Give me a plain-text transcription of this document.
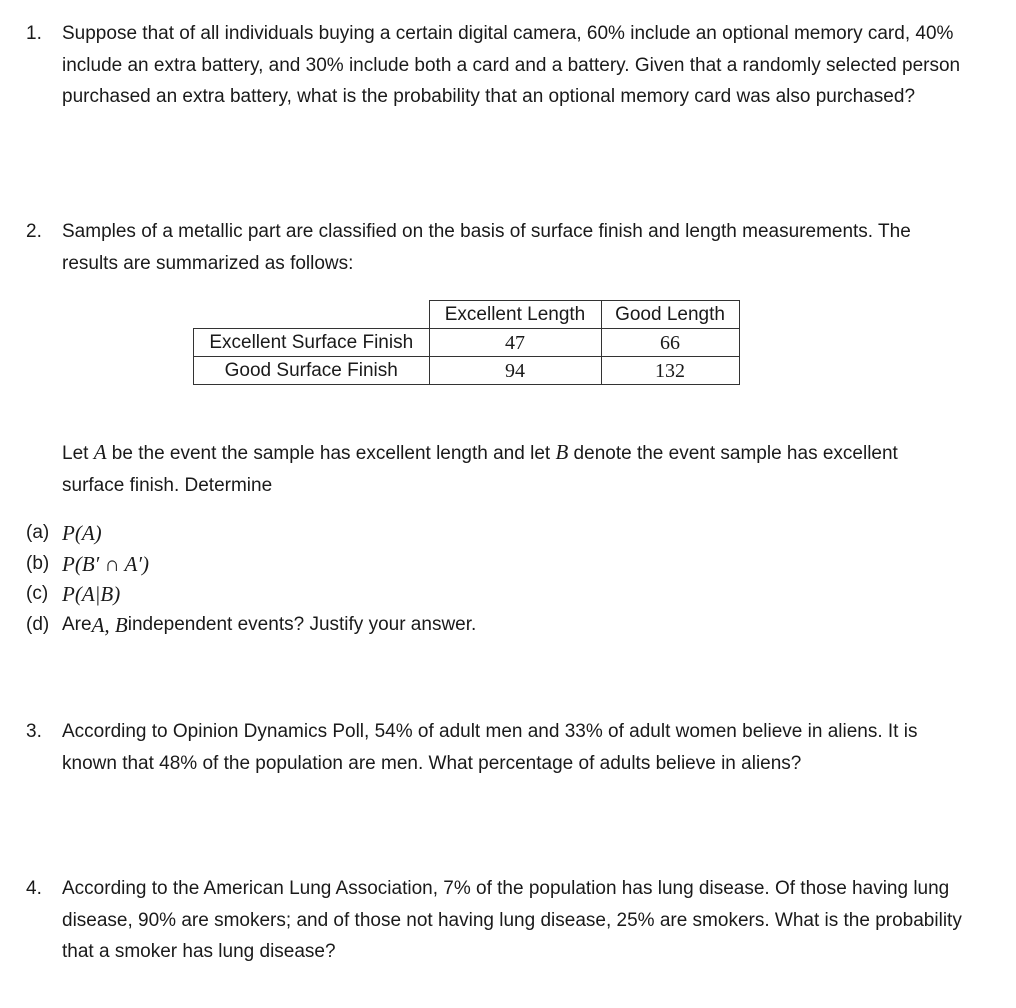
1.	Suppose that of all individuals buying a certain digital camera, 60% include an optional memory card, 40% include an extra battery, and 30% include both a card and a battery. Given that a randomly selected person purchased an extra battery, what is the probability that an optional memory card was also purchased?
2.	Samples of a metallic part are classified on the basis of surface finish and length measurements. The results are summarized as follows:
	Excellent Length	Good Length
Excellent Surface Finish	47	66
Good Surface Finish	94	132
Let A be the event the sample has excellent length and let B denote the event sample has excellent surface finish. Determine
(a) P(A)
(b) P(B′ ∩ A′)
(c) P(A|B)
(d) Are A, B independent events? Justify your answer.
3.	According to Opinion Dynamics Poll, 54% of adult men and 33% of adult women believe in aliens. It is known that 48% of the population are men. What percentage of adults believe in aliens?
4.	According to the American Lung Association, 7% of the population has lung disease. Of those having lung disease, 90% are smokers; and of those not having lung disease, 25% are smokers. What is the probability that a smoker has lung disease?
